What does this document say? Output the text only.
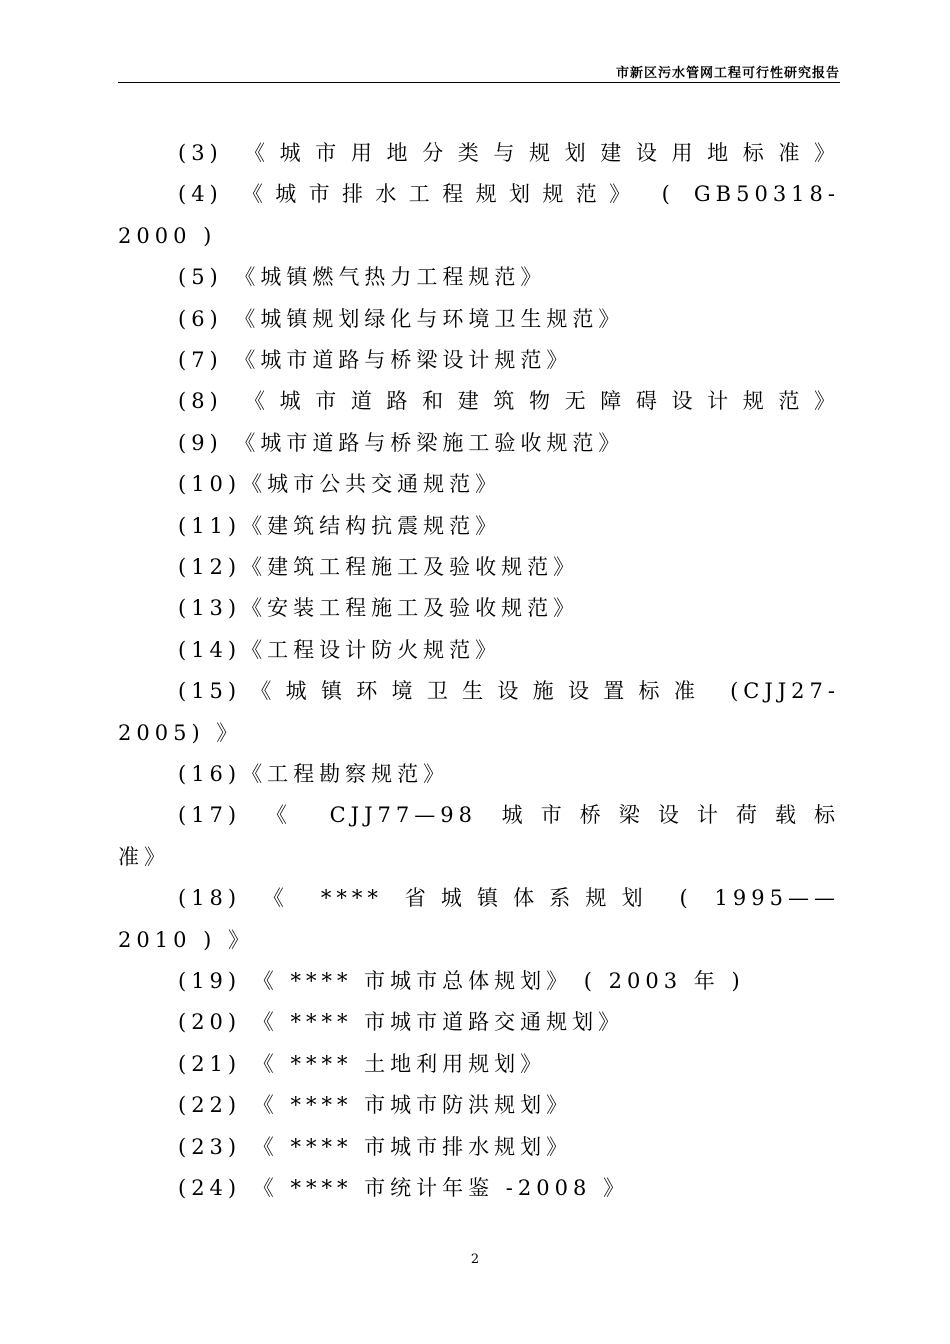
市新区污水管网工程可行性研究报告
(3) 《城市用地分类与规划建设用地标准》
(4) 《城市排水工程规划规范》 ( GB50318-
2000 )
(5) 《城镇燃气热力工程规范》
(6) 《城镇规划绿化与环境卫生规范》
(7) 《城市道路与桥梁设计规范》
(8) 《城市道路和建筑物无障碍设计规范》
(9) 《城市道路与桥梁施工验收规范》
(10)《城市公共交通规范》
(11)《建筑结构抗震规范》
(12)《建筑工程施工及验收规范》
(13)《安装工程施工及验收规范》
(14)《工程设计防火规范》
(15)《城镇环境卫生设施设置标准 (CJJ27-
2005) 》
(16)《工程勘察规范》
(17) 《 CJJ77—98 城市桥梁设计荷载标
准》
(18) 《 **** 省城镇体系规划 ( 1995——
2010 ) 》
(19) 《 **** 市城市总体规划》 ( 2003 年 )
(20) 《 **** 市城市道路交通规划》
(21) 《 **** 土地利用规划》
(22) 《 **** 市城市防洪规划》
(23) 《 **** 市城市排水规划》
(24) 《 **** 市统计年鉴 -2008 》
2
